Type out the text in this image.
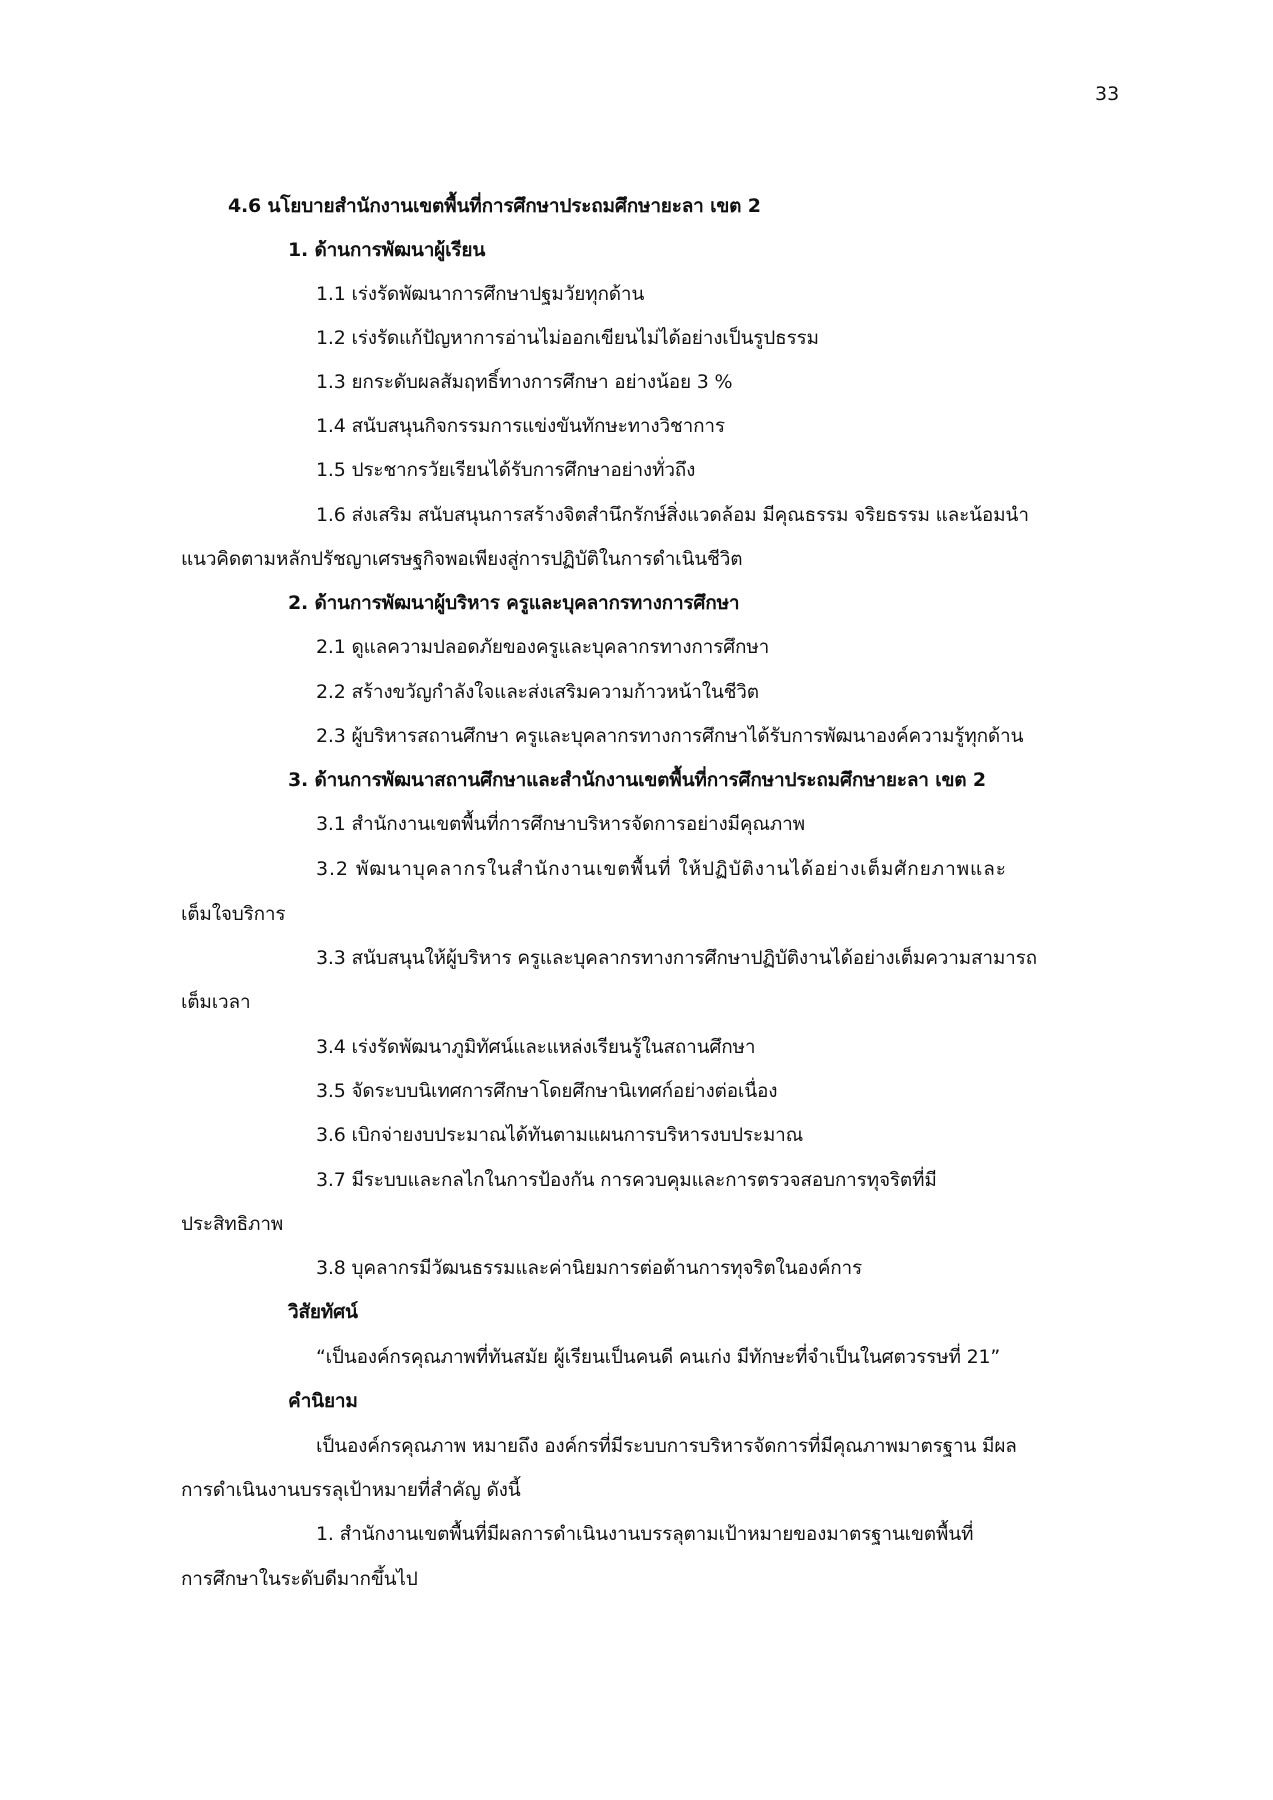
33
4.6 นโยบายสำนักงานเขตพื้นที่การศึกษาประถมศึกษายะลา เขต 2
1. ด้านการพัฒนาผู้เรียน
1.1 เร่งรัดพัฒนาการศึกษาปฐมวัยทุกด้าน
1.2 เร่งรัดแก้ปัญหาการอ่านไม่ออกเขียนไม่ได้อย่างเป็นรูปธรรม
1.3 ยกระดับผลสัมฤทธิ์ทางการศึกษา อย่างน้อย 3 %
1.4 สนับสนุนกิจกรรมการแข่งขันทักษะทางวิชาการ
1.5 ประชากรวัยเรียนได้รับการศึกษาอย่างทั่วถึง
1.6 ส่งเสริม สนับสนุนการสร้างจิตสำนึกรักษ์สิ่งแวดล้อม มีคุณธรรม จริยธรรม และน้อมนำ
แนวคิดตามหลักปรัชญาเศรษฐกิจพอเพียงสู่การปฏิบัติในการดำเนินชีวิต
2. ด้านการพัฒนาผู้บริหาร ครูและบุคลากรทางการศึกษา
2.1 ดูแลความปลอดภัยของครูและบุคลากรทางการศึกษา
2.2 สร้างขวัญกำลังใจและส่งเสริมความก้าวหน้าในชีวิต
2.3 ผู้บริหารสถานศึกษา ครูและบุคลากรทางการศึกษาได้รับการพัฒนาองค์ความรู้ทุกด้าน
3. ด้านการพัฒนาสถานศึกษาและสำนักงานเขตพื้นที่การศึกษาประถมศึกษายะลา เขต 2
3.1 สำนักงานเขตพื้นที่การศึกษาบริหารจัดการอย่างมีคุณภาพ
3.2 พัฒนาบุคลากรในสำนักงานเขตพื้นที่ ให้ปฏิบัติงานได้อย่างเต็มศักยภาพและ
เต็มใจบริการ
3.3 สนับสนุนให้ผู้บริหาร ครูและบุคลากรทางการศึกษาปฏิบัติงานได้อย่างเต็มความสามารถ
เต็มเวลา
3.4 เร่งรัดพัฒนาภูมิทัศน์และแหล่งเรียนรู้ในสถานศึกษา
3.5 จัดระบบนิเทศการศึกษาโดยศึกษานิเทศก์อย่างต่อเนื่อง
3.6 เบิกจ่ายงบประมาณได้ทันตามแผนการบริหารงบประมาณ
3.7 มีระบบและกลไกในการป้องกัน การควบคุมและการตรวจสอบการทุจริตที่มี
ประสิทธิภาพ
3.8 บุคลากรมีวัฒนธรรมและค่านิยมการต่อต้านการทุจริตในองค์การ
วิสัยทัศน์
“เป็นองค์กรคุณภาพที่ทันสมัย ผู้เรียนเป็นคนดี คนเก่ง มีทักษะที่จำเป็นในศตวรรษที่ 21”
คำนิยาม
เป็นองค์กรคุณภาพ หมายถึง องค์กรที่มีระบบการบริหารจัดการที่มีคุณภาพมาตรฐาน มีผล
การดำเนินงานบรรลุเป้าหมายที่สำคัญ ดังนี้
1. สำนักงานเขตพื้นที่มีผลการดำเนินงานบรรลุตามเป้าหมายของมาตรฐานเขตพื้นที่
การศึกษาในระดับดีมากขึ้นไป
